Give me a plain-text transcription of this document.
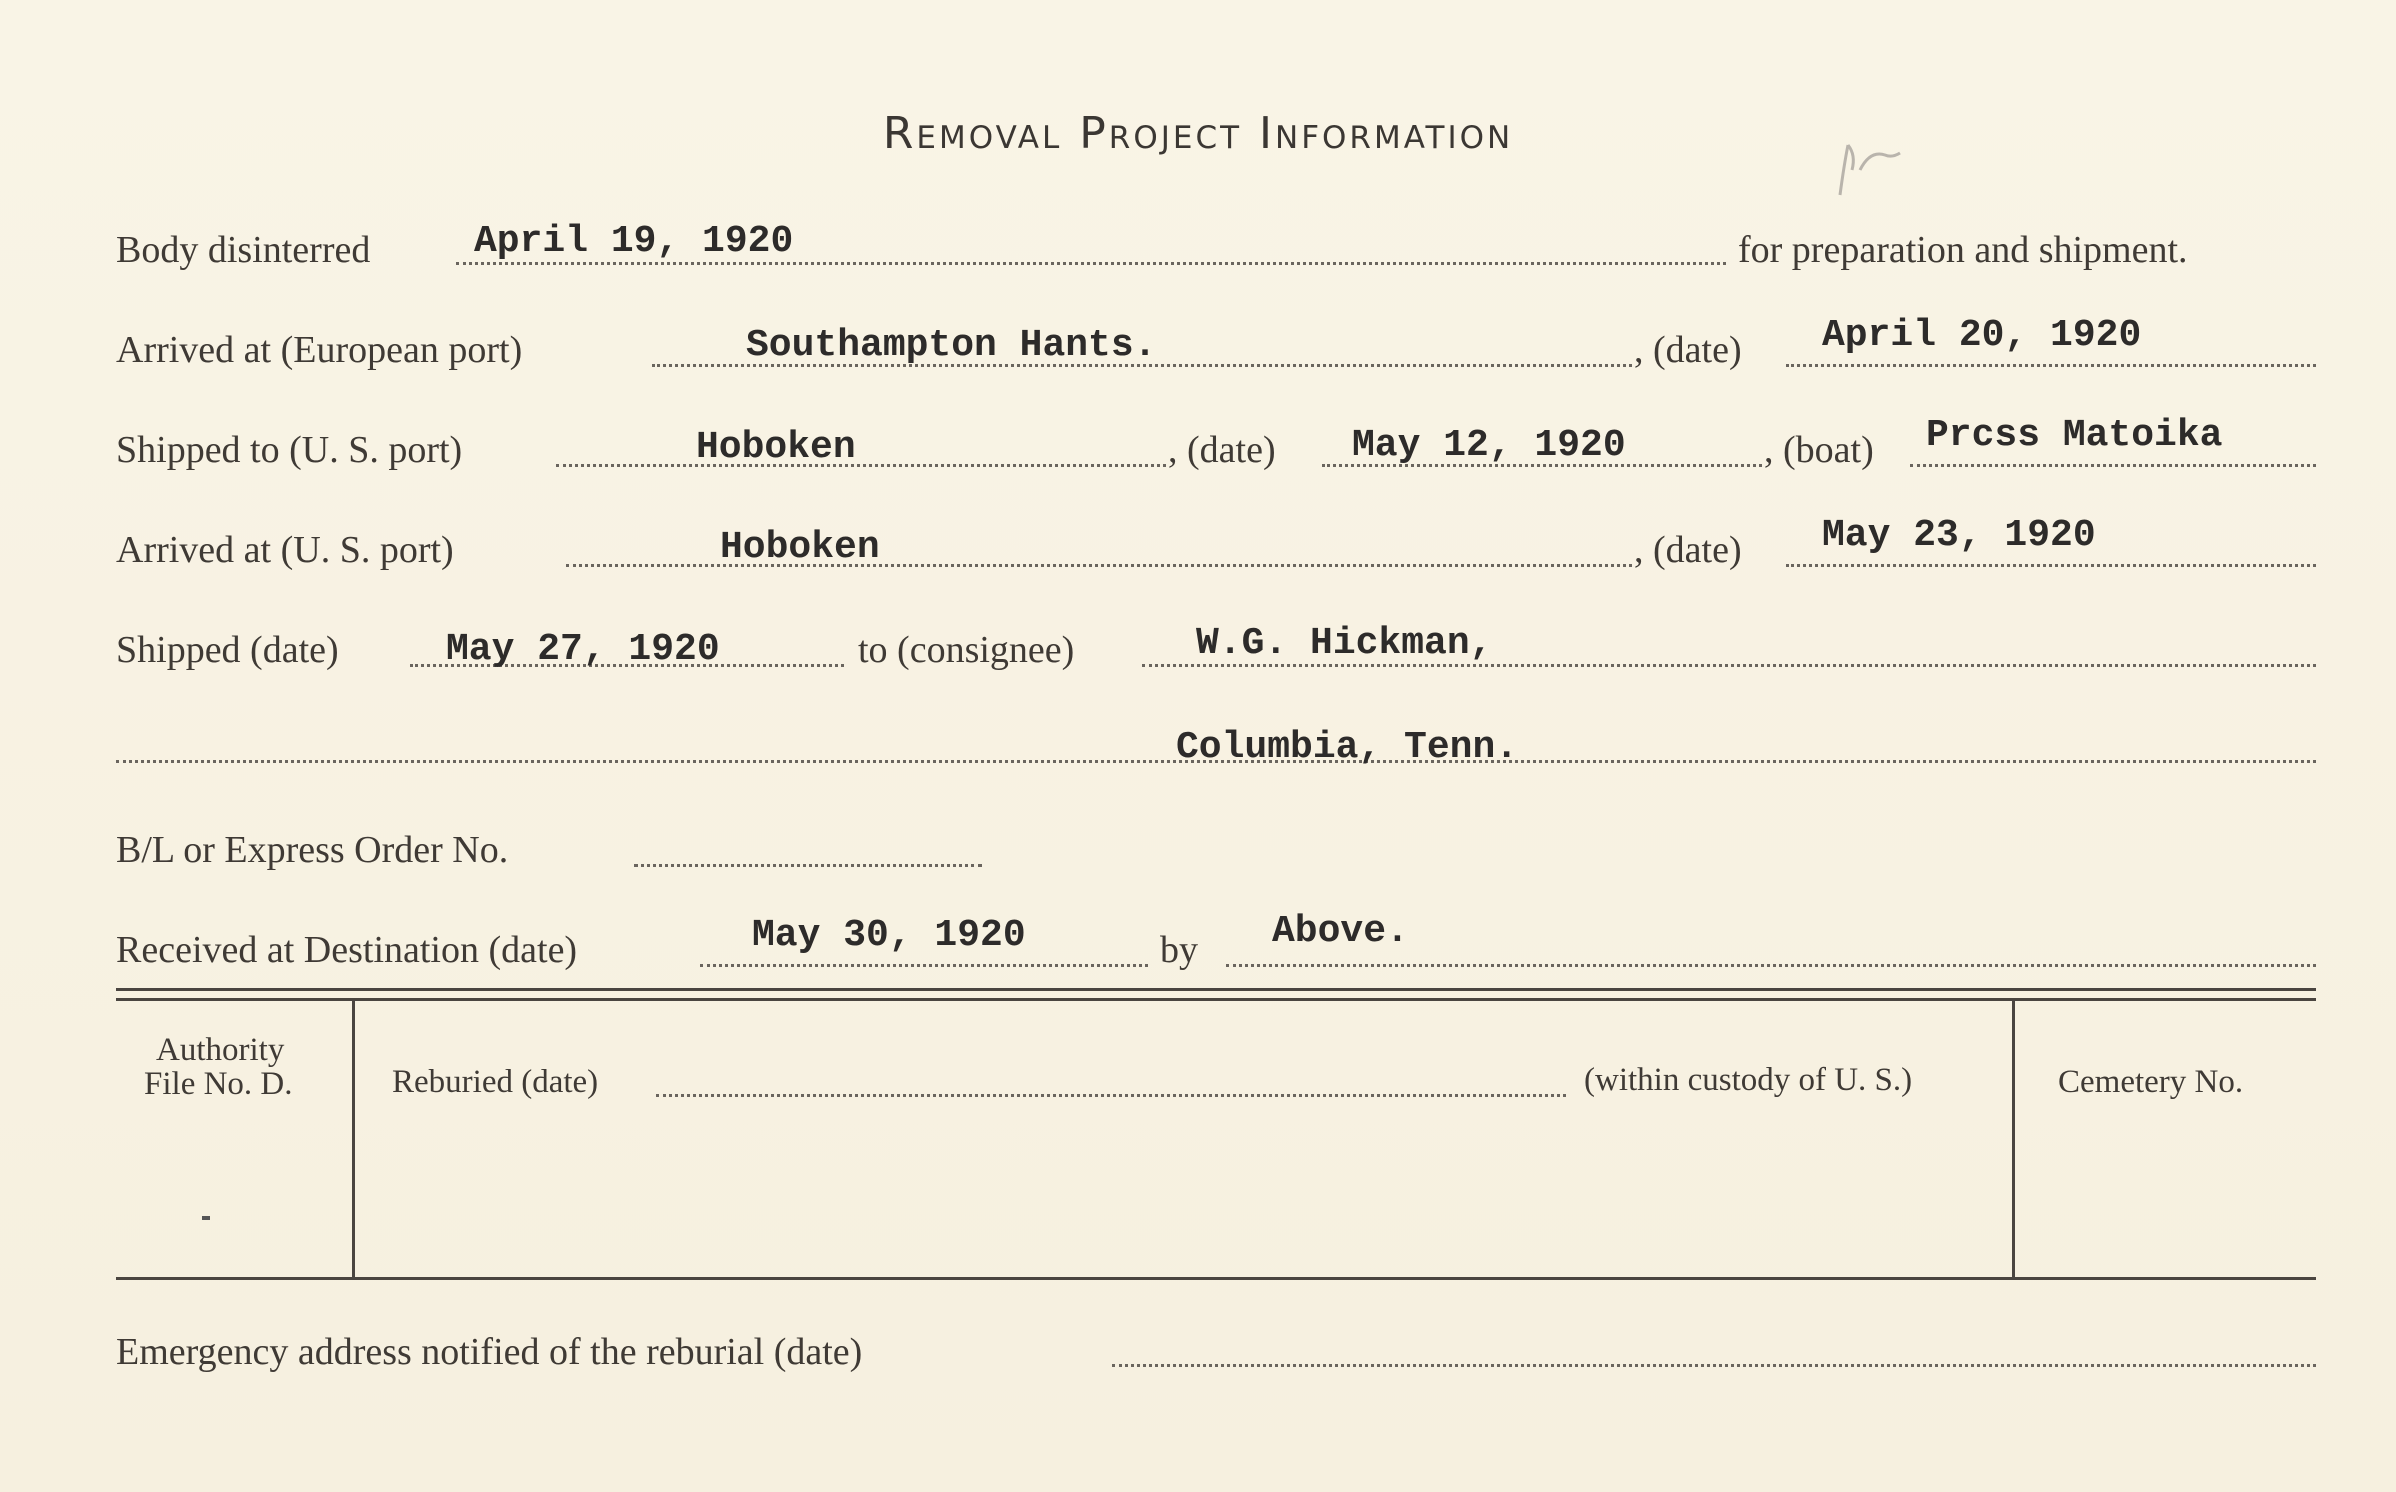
Removal Project Information
Body disinterred	April 19, 1920	for preparation and shipment.
Arrived at (European port)	Southampton Hants.	, (date) April 20, 1920
Shipped to (U. S. port)	Hoboken	, (date) May 12, 1920	, (boat) Prcss Matoika
Arrived at (U. S. port)	Hoboken	, (date) May 23, 1920
Shipped (date)	May 27, 1920	to (consignee)	W.G. Hickman,
Columbia, Tenn.
B/L or Express Order No.
Received at Destination (date)	May 30, 1920	by Above.
Authority
File No. D.	Reburied (date)	(within custody of U. S.)	Cemetery No.
Emergency address notified of the reburial (date)
